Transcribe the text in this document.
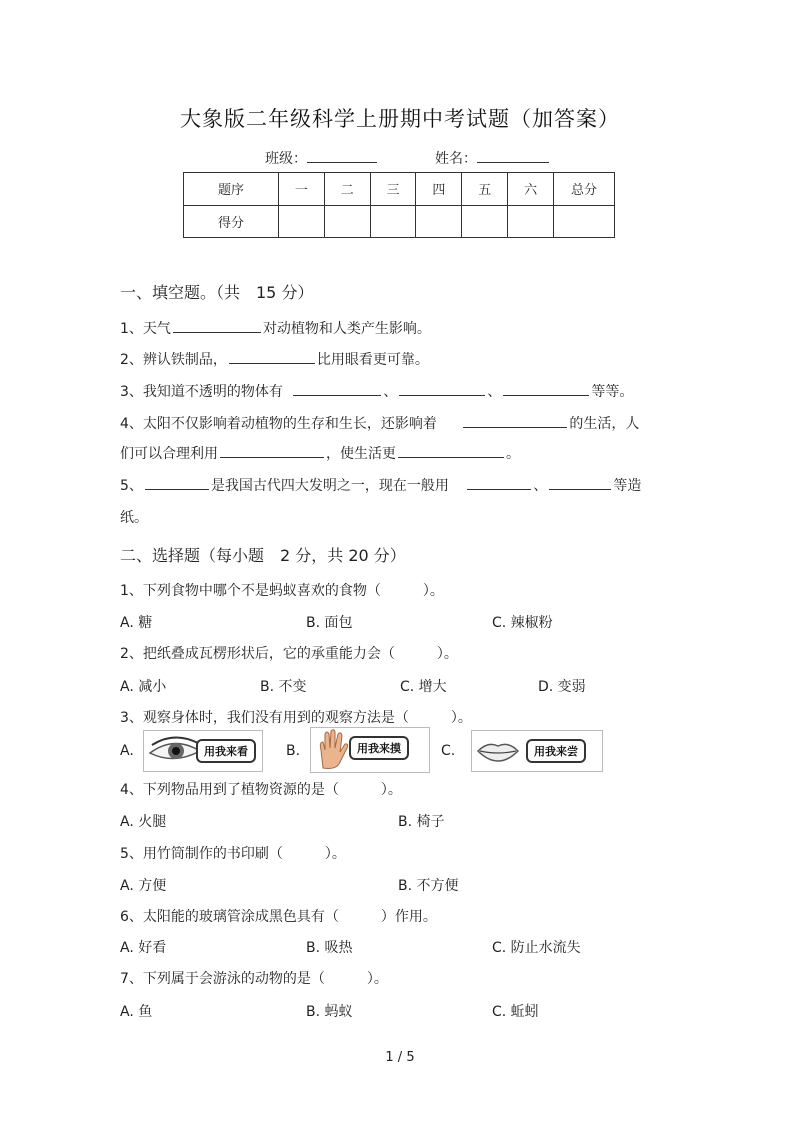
大象版二年级科学上册期中考试题（加答案）
班级：	姓名：
题序	一	二	三	四	五	六	总分
得分							
一、填空题。（共　15 分）
1、天气	对动植物和人类产生影响。
2、辨认铁制品，	比用眼看更可靠。
3、我知道不透明的物体有	、	、	等等。
4、太阳不仅影响着动植物的生存和生长，还影响着	的生活，人
们可以合理利用	，使生活更	。
5、	是我国古代四大发明之一，现在一般用	、	等造
纸。
二、选择题（每小题　2 分，共 20 分）
1、下列食物中哪个不是蚂蚁喜欢的食物（　　　）。
A. 糖	B. 面包	C. 辣椒粉
2、把纸叠成瓦楞形状后，它的承重能力会（　　　）。
A. 减小	B. 不变	C. 增大	D. 变弱
3、观察身体时，我们没有用到的观察方法是（　　　）。
A.	用我来看	B.	用我来摸	C.	用我来尝
4、下列物品用到了植物资源的是（　　　）。
A. 火腿	B. 椅子
5、用竹筒制作的书印刷（　　　）。
A. 方便	B. 不方便
6、太阳能的玻璃管涂成黑色具有（　　　）作用。
A. 好看	B. 吸热	C. 防止水流失
7、下列属于会游泳的动物的是（　　　）。
A. 鱼	B. 蚂蚁	C. 蚯蚓
1 / 5
